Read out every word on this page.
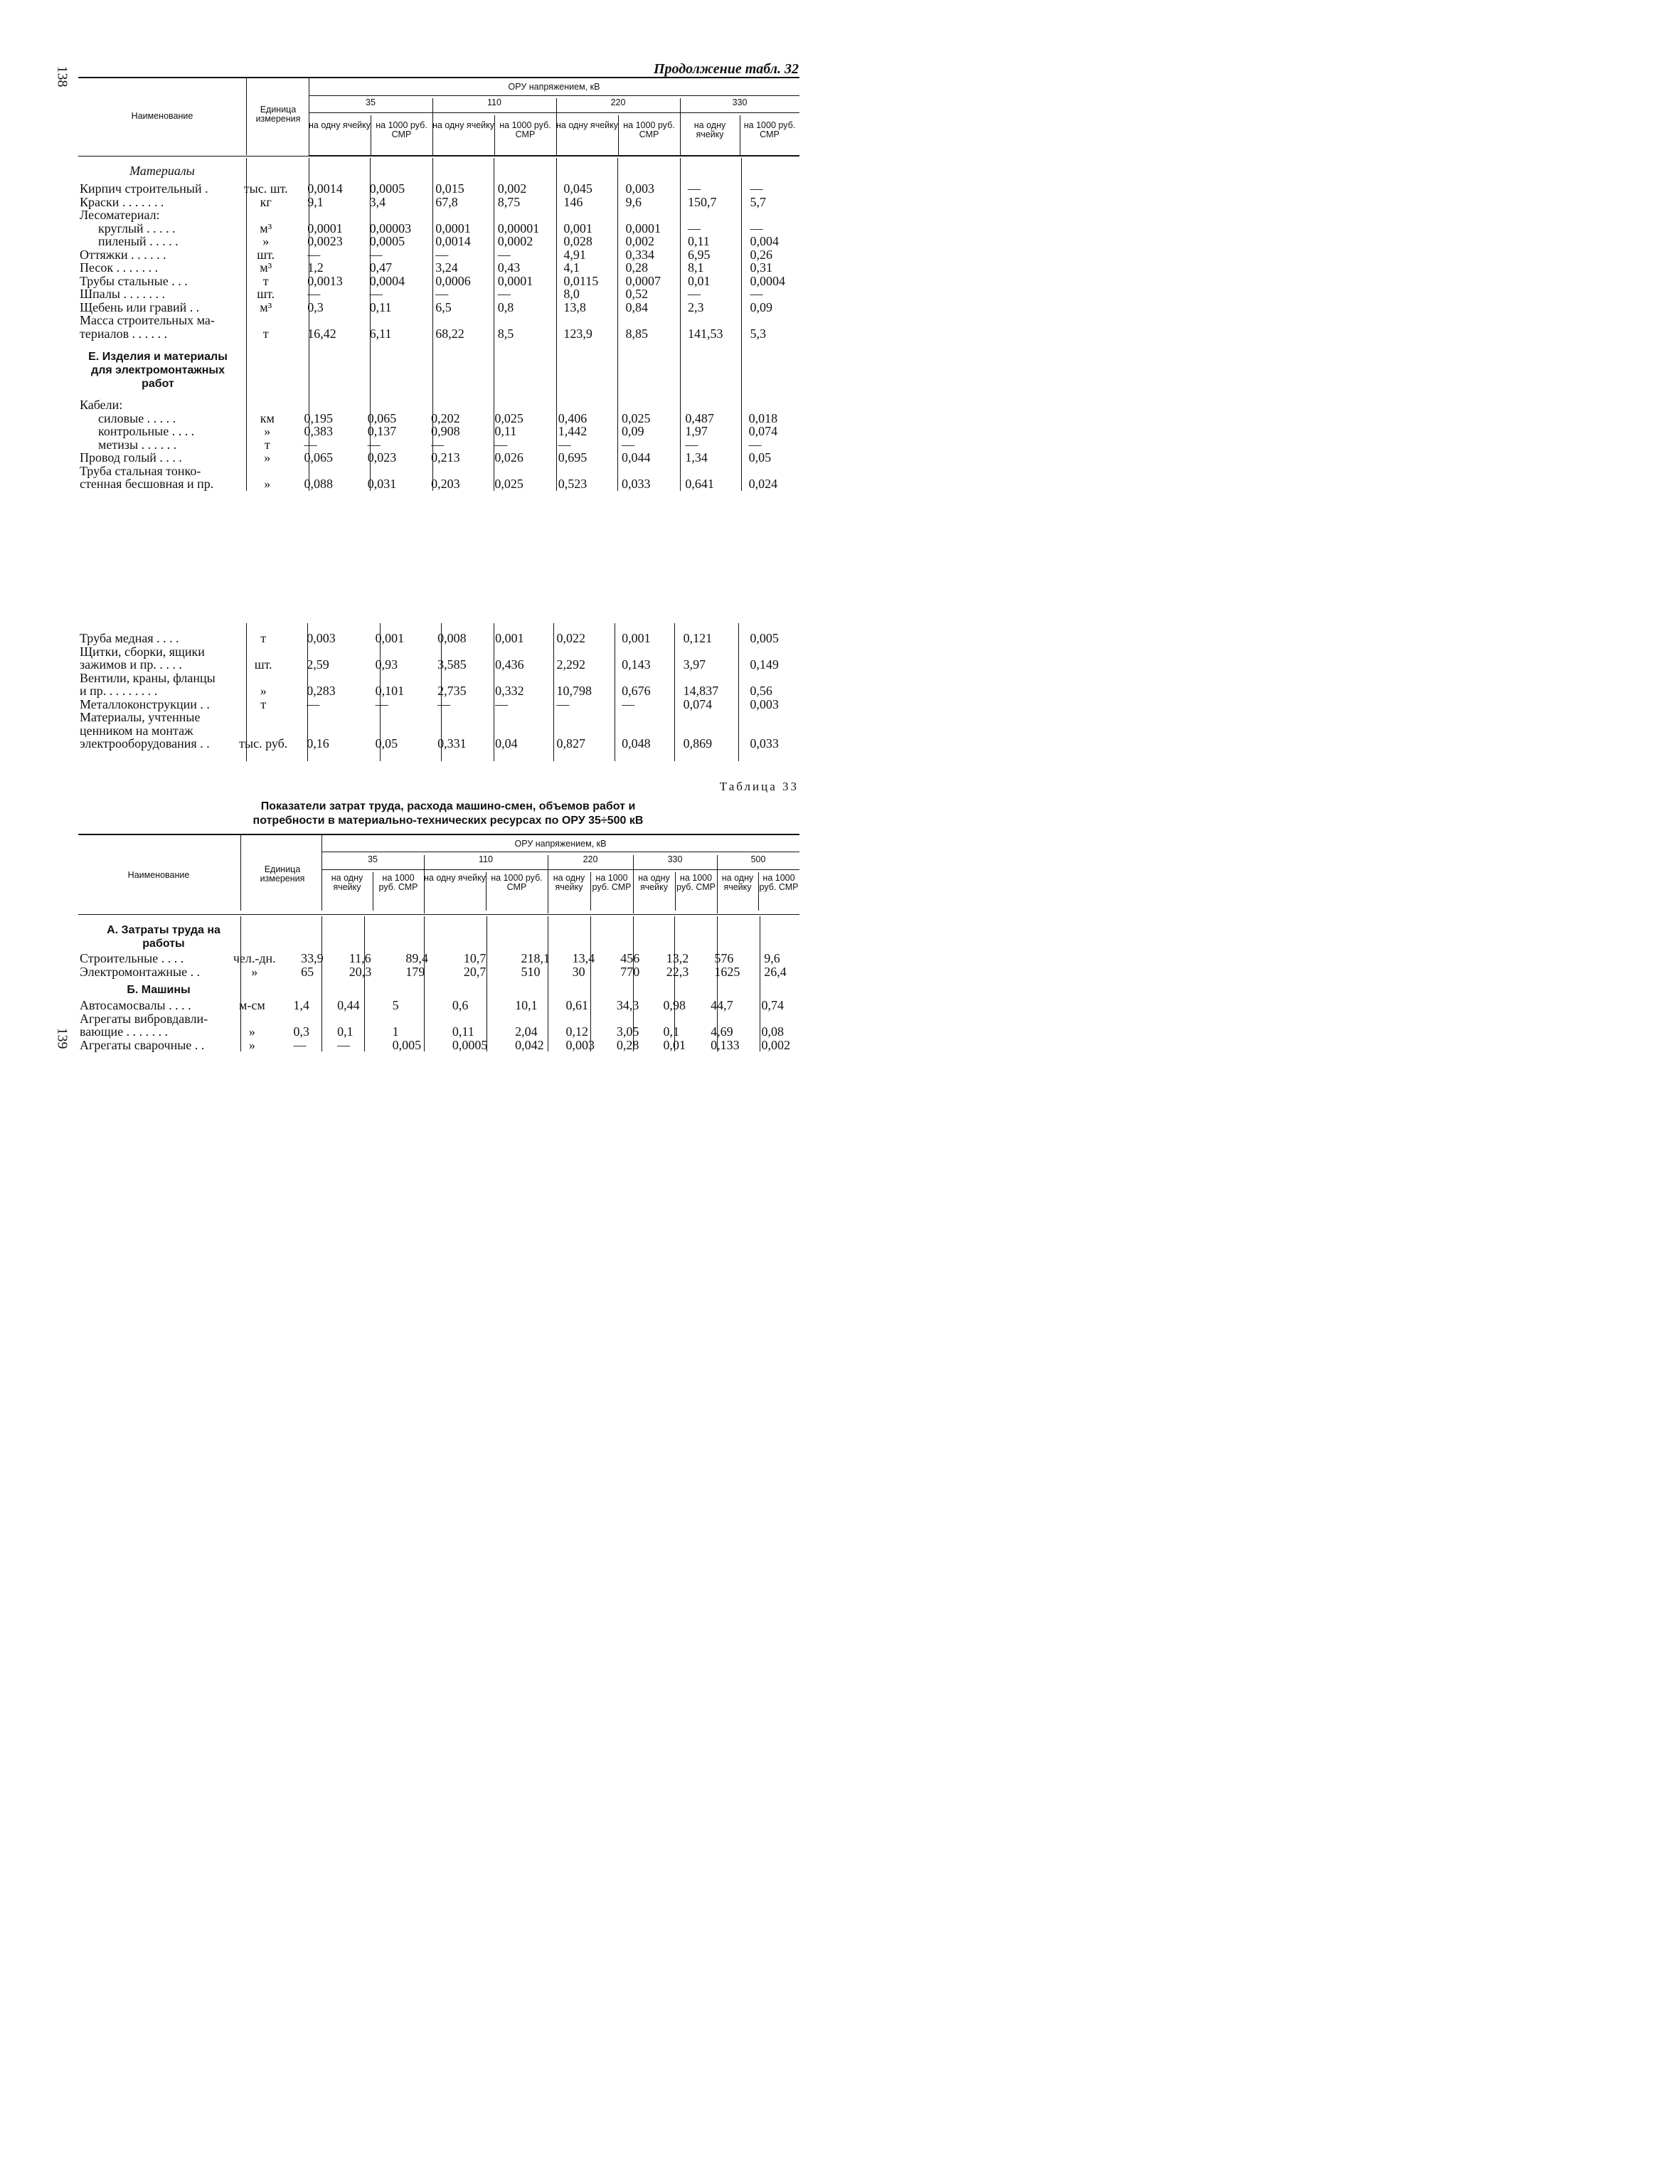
138
139
Продолжение табл. 32
Наименование
Единица измерения
ОРУ напряжением, кВ
35
на одну ячейку на 1000 руб. СМР
110
на одну ячейку на 1000 руб. СМР
220
на одну ячейку на 1000 руб. СМР
330
на одну ячейку
на 1000 руб. СМР
Материалы
Кирпич строительный .	тыс. шт.	0,0014	0,0005	0,015	0,002	0,045	0,003	—	—
Краски . . . . . . .	кг	9,1	3,4	67,8	8,75	146	9,6	150,7	5,7
Лесоматериал:									
круглый . . . . .	м³	0,0001	0,00003	0,0001	0,00001	0,001	0,0001	—	—
пиленый . . . . .	»	0,0023	0,0005	0,0014	0,0002	0,028	0,002	0,11	0,004
Оттяжки . . . . . .	шт.	—	—	—	—	4,91	0,334	6,95	0,26
Песок . . . . . . .	м³	1,2	0,47	3,24	0,43	4,1	0,28	8,1	0,31
Трубы стальные . . .	т	0,0013	0,0004	0,0006	0,0001	0,0115	0,0007	0,01	0,0004
Шпалы . . . . . . .	шт.	—	—	—	—	8,0	0,52	—	—
Щебень или гравий . .	м³	0,3	0,11	6,5	0,8	13,8	0,84	2,3	0,09
Масса строительных ма-									
териалов . . . . . .	т	16,42	6,11	68,22	8,5	123,9	8,85	141,53	5,3
Е. Изделия и материалы для электромонтажных работ
Кабели:									
силовые . . . . .	км	0,195	0,065	0,202	0,025	0,406	0,025	0,487	0,018
контрольные . . . .	»	0,383	0,137	0,908	0,11	1,442	0,09	1,97	0,074
метизы . . . . . .	т	—	—	—	—	—	—	—	—
Провод голый . . . .	»	0,065	0,023	0,213	0,026	0,695	0,044	1,34	0,05
Труба стальная тонко-									
стенная бесшовная и пр.	»	0,088	0,031	0,203	0,025	0,523	0,033	0,641	0,024
Труба медная . . . .	т	0,003	0,001	0,008	0,001	0,022	0,001	0,121	0,005
Щитки, сборки, ящики									
зажимов и пр. . . . .	шт.	2,59	0,93	3,585	0,436	2,292	0,143	3,97	0,149
Вентили, краны, фланцы									
и пр. . . . . . . . .	»	0,283	0,101	2,735	0,332	10,798	0,676	14,837	0,56
Металлоконструкции . .	т	—	—	—	—	—	—	0,074	0,003
Материалы, учтенные									
ценником на монтаж									
электрооборудования . .	тыс. руб.	0,16	0,05	0,331	0,04	0,827	0,048	0,869	0,033
Таблица 33
Показатели затрат труда, расхода машино-смен, объемов работ и
потребности в материально-технических ресурсах по ОРУ 35÷500 кВ
Наименование
Единица измерения
ОРУ напряжением, кВ
35
на одну ячейку
на 1000 руб. СМР
110
на одну ячейку на 1000 руб. СМР
220
на одну ячейку
на 1000 руб. СМР
330
на одну ячейку
на 1000 руб. СМР
500
на одну ячейку
на 1000 руб. СМР
А. Затраты труда на работы
Строительные . . . .	чел.-дн.	33,9	11,6	89,4	10,7	218,1	13,4	456	13,2	576	9,6
Электромонтажные . .	»	65	20,3	179	20,7	510	30	770	22,3	1625	26,4
Б. Машины
Автосамосвалы . . . .	м-см	1,4	0,44	5	0,6	10,1	0,61	34,3	0,98	44,7	0,74
Агрегаты вибровдавли-											
вающие . . . . . . .	»	0,3	0,1	1	0,11	2,04	0,12	3,05	0,1	4,69	0,08
Агрегаты сварочные . .	»	—	—	0,005	0,0005	0,042	0,003	0,28	0,01	0,133	0,002
